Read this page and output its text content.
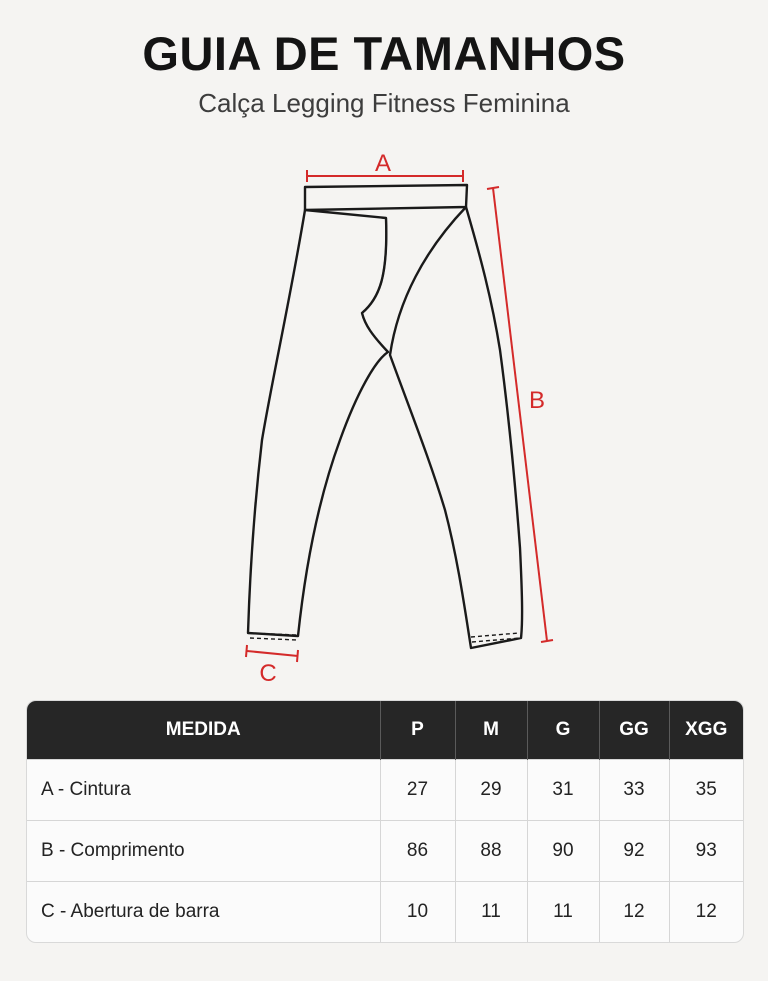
GUIA DE TAMANHOS
Calça Legging Fitness Feminina
A
B
C
MEDIDA	P	M	G	GG	XGG
A - Cintura	27	29	31	33	35
B - Comprimento	86	88	90	92	93
C - Abertura de barra	10	11	11	12	12
